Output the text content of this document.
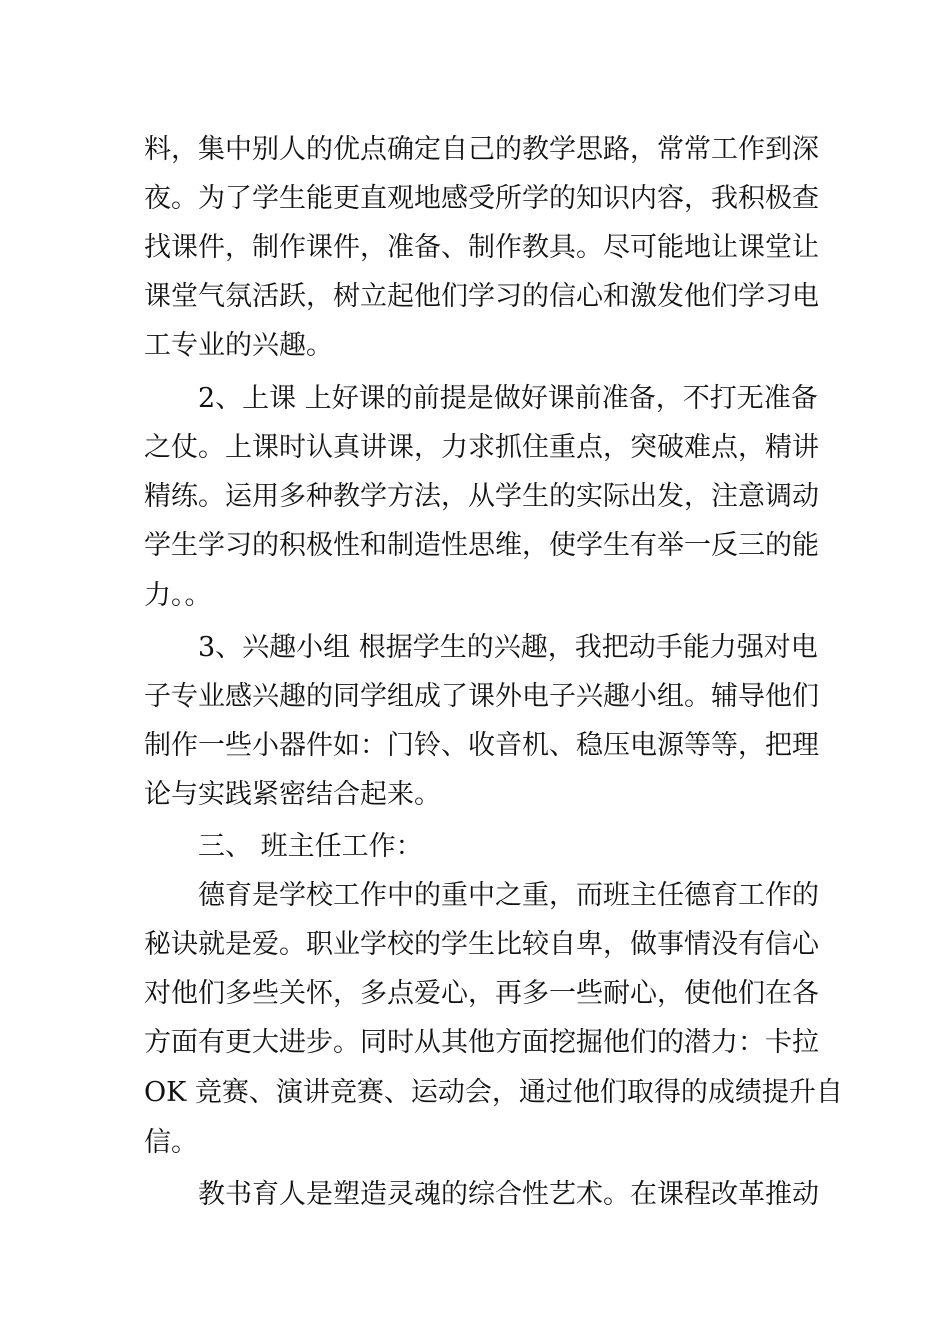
料，集中别人的优点确定自己的教学思路，常常工作到深
夜。为了学生能更直观地感受所学的知识内容，我积极查
找课件，制作课件，准备、制作教具。尽可能地让课堂让
课堂气氛活跃，树立起他们学习的信心和激发他们学习电
工专业的兴趣。
2、上课 上好课的前提是做好课前准备，不打无准备
之仗。上课时认真讲课，力求抓住重点，突破难点，精讲
精练。运用多种教学方法，从学生的实际出发，注意调动
学生学习的积极性和制造性思维，使学生有举一反三的能
力。。
3、兴趣小组 根据学生的兴趣，我把动手能力强对电
子专业感兴趣的同学组成了课外电子兴趣小组。辅导他们
制作一些小器件如：门铃、收音机、稳压电源等等，把理
论与实践紧密结合起来。
三、 班主任工作：
德育是学校工作中的重中之重，而班主任德育工作的
秘诀就是爱。职业学校的学生比较自卑，做事情没有信心
对他们多些关怀，多点爱心，再多一些耐心，使他们在各
方面有更大进步。同时从其他方面挖掘他们的潜力：卡拉
OK 竞赛、演讲竞赛、运动会，通过他们取得的成绩提升自
信。
教书育人是塑造灵魂的综合性艺术。在课程改革推动
